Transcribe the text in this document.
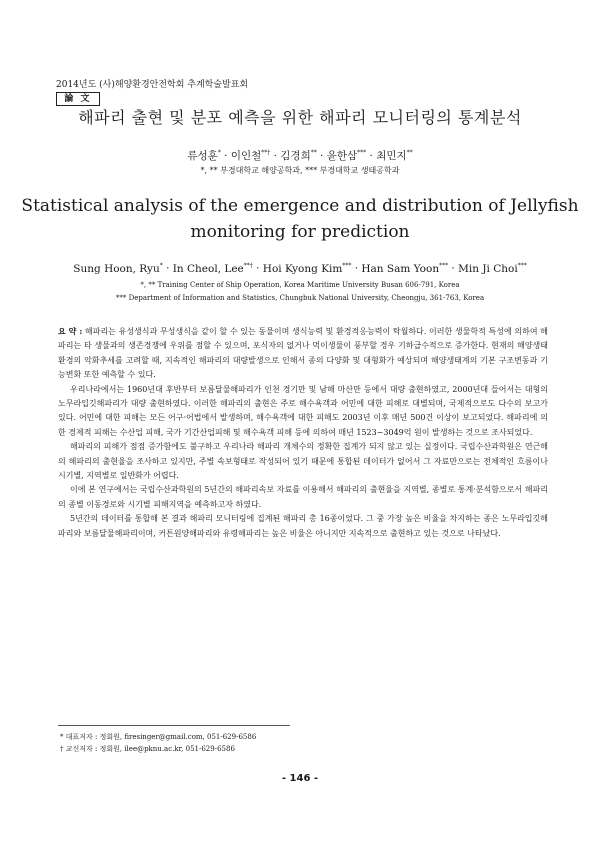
2014년도 (사)해양환경안전학회 추계학술발표회
論 文
해파리 출현 및 분포 예측을 위한 해파리 모니터링의 통계분석
류성훈* · 이인철**† · 김경희** · 윤한삼*** · 최민지**
*, ** 부경대학교 해양공학과, *** 부경대학교 생태공학과
Statistical analysis of the emergence and distribution of Jellyfish
monitoring for prediction
Sung Hoon, Ryu* · In Cheol, Lee**† · Hoi Kyong Kim*** · Han Sam Yoon*** · Min Ji Choi***
*, ** Training Center of Ship Operation, Korea Maritime University Busan 606-791, Korea
*** Department of Information and Statistics, Chungbuk National University, Cheongju, 361-763, Korea

요 약 : 해파리는 유성생식과 무성생식을 같이 할 수 있는 동물이며 생식능력 및 환경적응능력이 탁월하다. 이러한 생물학적 특성에 의하여 해파리는 타 생물과의 생존경쟁에 우위를 점할 수 있으며, 포식자의 없거나 먹이생물이 풍부할 경우 기하급수적으로 증가한다. 현재의 해양생태환경의 악화추세를 고려할 때, 지속적인 해파리의 대량발생으로 인해서 종의 다양화 및 대형화가 예상되며 해양생태계의 기본 구조변동과 기능변화 또한 예측할 수 있다.

우리나라에서는 1960년대 후반부터 보름달물해파리가 인천 경기만 및 남해 마산만 등에서 대량 출현하였고, 2000년대 들어서는 대형의 노무라입깃해파리가 대량 출현하였다. 이러한 해파리의 출현은 주로 해수욕객과 어민에 대한 피해로 대별되며, 국제적으로도 다수의 보고가 있다. 어민에 대한 피해는 모든 어구·어법에서 발생하며, 해수욕객에 대한 피해도 2003년 이후 매년 500건 이상이 보고되었다. 해파리에 의한 경제적 피해는 수산업 피해, 국가 기간산업피해 및 해수욕객 피해 등에 의하여 매년 1523~3049억 원이 발생하는 것으로 조사되었다.

해파리의 피해가 점점 증가함에도 불구하고 우리나라 해파리 개체수의 정확한 집계가 되지 않고 있는 실정이다. 국립수산과학원은 연근해의 해파리의 출현율을 조사하고 있지만, 주별 속보형태로 작성되어 있기 때문에 통합된 데이터가 없어서 그 자료만으로는 전체적인 흐름이나 시기별, 지역별로 일반화가 어렵다.

이에 본 연구에서는 국립수산과학원의 5년간의 해파리속보 자료를 이용해서 해파리의 출현율을 지역별, 종별로 통계·분석함으로서 해파리의 종별 이동경로와 시기별 피해지역을 예측하고자 하였다.

5년간의 데이터를 통합해 본 결과 해파리 모니터링에 집계된 해파리 총 16종이었다. 그 중 가장 높은 비율을 차지하는 종은 노무라입깃해파리와 보름달물해파리이며, 커튼원양해파리와 유령해파리는 높은 비율은 아니지만 지속적으로 출현하고 있는 것으로 나타났다.

* 대표저자 : 정회원, firesinger@gmail.com, 051-629-6586
† 교신저자 : 정회원, ilee@pknu.ac.kr, 051-629-6586
- 146 -
